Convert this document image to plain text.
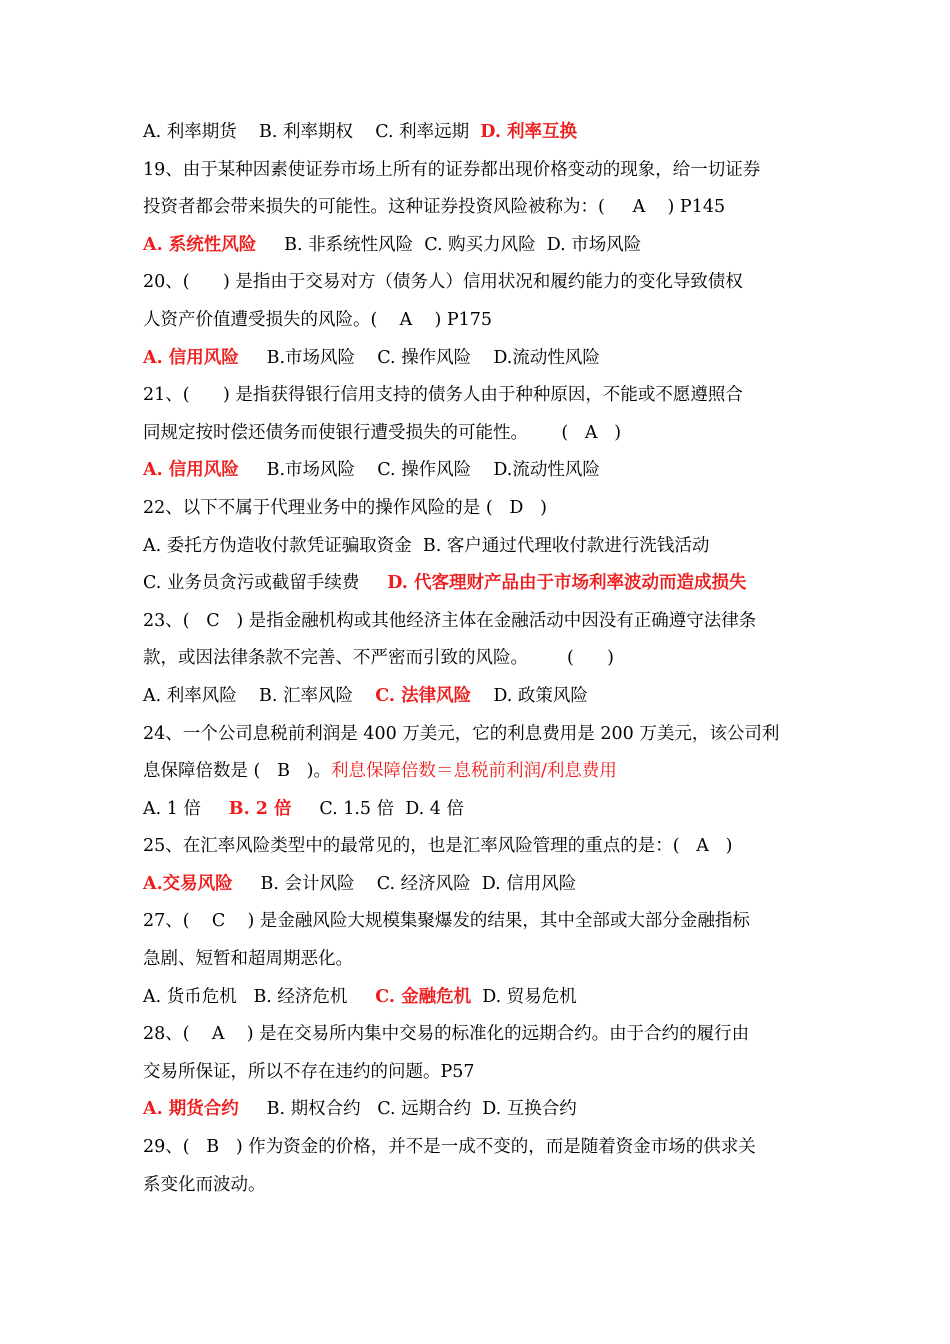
A. 利率期货    B. 利率期权    C. 利率远期  D. 利率互换
19、由于某种因素使证券市场上所有的证券都出现价格变动的现象，给一切证券
投资者都会带来损失的可能性。这种证券投资风险被称为：(     A    ) P145
A. 系统性风险     B. 非系统性风险  C. 购买力风险  D. 市场风险
20、(      ) 是指由于交易对方（债务人）信用状况和履约能力的变化导致债权
人资产价值遭受损失的风险。(    A    ) P175
A. 信用风险     B.市场风险    C. 操作风险    D.流动性风险
21、(      ) 是指获得银行信用支持的债务人由于种种原因，不能或不愿遵照合
同规定按时偿还债务而使银行遭受损失的可能性。      (   A   )
A. 信用风险     B.市场风险    C. 操作风险    D.流动性风险
22、以下不属于代理业务中的操作风险的是 (   D   )
A. 委托方伪造收付款凭证骗取资金  B. 客户通过代理收付款进行洗钱活动
C. 业务员贪污或截留手续费     D. 代客理财产品由于市场利率波动而造成损失
23、(   C   ) 是指金融机构或其他经济主体在金融活动中因没有正确遵守法律条
款，或因法律条款不完善、不严密而引致的风险。       (      )
A. 利率风险    B. 汇率风险    C. 法律风险    D. 政策风险
24、一个公司息税前利润是 400 万美元，它的利息费用是 200 万美元，该公司利
息保障倍数是 (   B   )。利息保障倍数＝息税前利润/利息费用
A. 1 倍     B. 2 倍     C. 1.5 倍  D. 4 倍
25、在汇率风险类型中的最常见的，也是汇率风险管理的重点的是：(   A   )
A.交易风险     B. 会计风险    C. 经济风险  D. 信用风险
27、(    C    ) 是金融风险大规模集聚爆发的结果，其中全部或大部分金融指标
急剧、短暂和超周期恶化。
A. 货币危机   B. 经济危机     C. 金融危机  D. 贸易危机
28、(    A    ) 是在交易所内集中交易的标准化的远期合约。由于合约的履行由
交易所保证，所以不存在违约的问题。P57
A. 期货合约     B. 期权合约   C. 远期合约  D. 互换合约
29、(   B   ) 作为资金的价格，并不是一成不变的，而是随着资金市场的供求关
系变化而波动。
